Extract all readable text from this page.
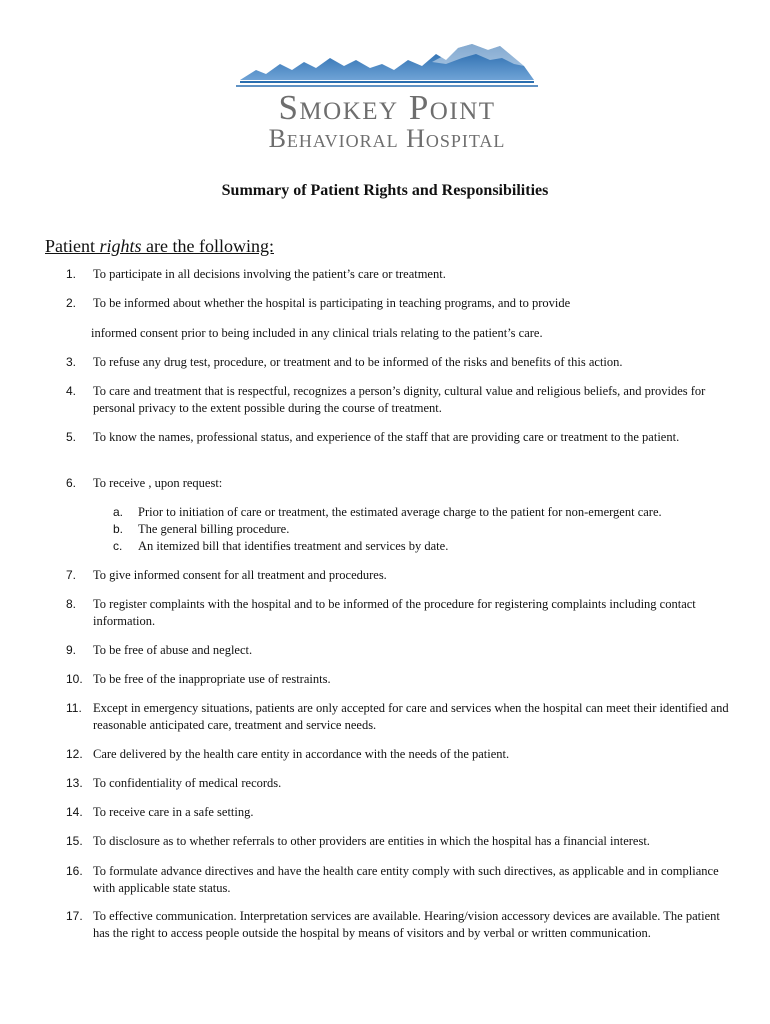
Smokey Point
Behavioral Hospital
Summary of Patient Rights and Responsibilities
Patient rights are the following:
1.	To participate in all decisions involving the patient’s care or treatment.
2.	To be informed about whether the hospital is participating in teaching programs, and to provide
informed consent prior to being included in any clinical trials relating to the patient’s care.
3.	To refuse any drug test, procedure, or treatment and to be informed of the risks and benefits of this action.
4.	To care and treatment that is respectful, recognizes a person’s dignity, cultural value and religious beliefs, and provides for personal privacy to the extent possible during the course of treatment.
5.	To know the names, professional status, and experience of the staff that are providing care or treatment to the patient.
6.	To receive , upon request:
a.	Prior to initiation of care or treatment, the estimated average charge to the patient for non-emergent care.
b.	The general billing procedure.
c.	An itemized bill that identifies treatment and services by date.
7.	To give informed consent for all treatment and procedures.
8.	To register complaints with the hospital and to be informed of the procedure for registering complaints including contact information.
9.	To be free of abuse and neglect.
10. To be free of the inappropriate use of restraints.
11. Except in emergency situations, patients are only accepted for care and services when the hospital can meet their identified and reasonable anticipated care, treatment and service needs.
12. Care delivered by the health care entity in accordance with the needs of the patient.
13. To confidentiality of medical records.
14. To receive care in a safe setting.
15. To disclosure as to whether referrals to other providers are entities in which the hospital has a financial interest.
16. To formulate advance directives and have the health care entity comply with such directives, as applicable and in compliance with applicable state status.
17. To effective communication. Interpretation services are available. Hearing/vision accessory devices are available. The patient has the right to access people outside the hospital by means of visitors and by verbal or written communication.
